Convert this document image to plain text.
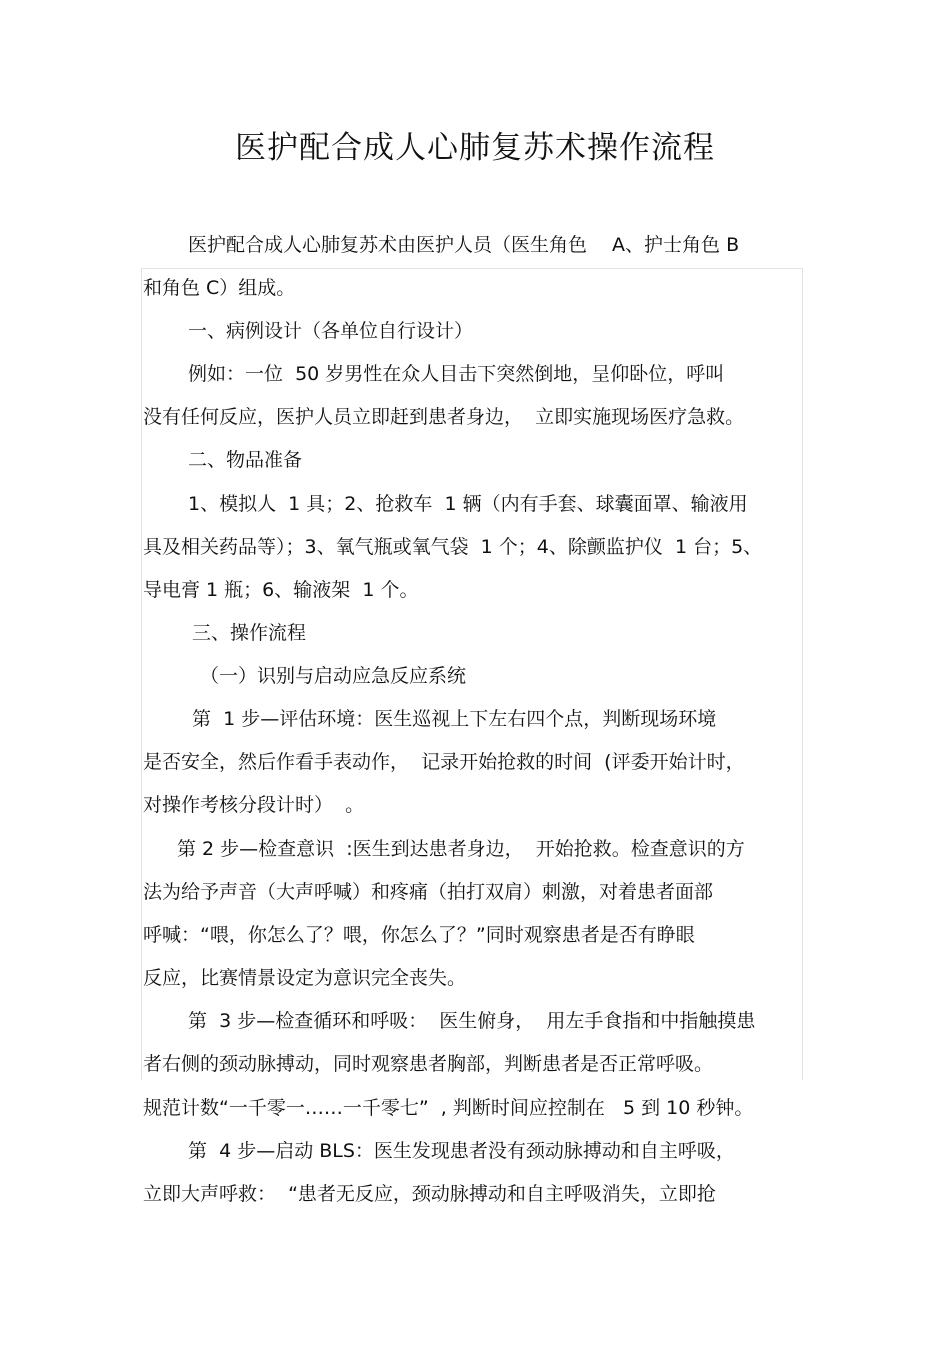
医护配合成人心肺复苏术操作流程
医护配合成人心肺复苏术由医护人员（医生角色　 A、护士角色 B
和角色 C）组成。
一、病例设计（各单位自行设计）
例如：一位  50 岁男性在众人目击下突然倒地，呈仰卧位，呼叫
没有任何反应，医护人员立即赶到患者身边，  立即实施现场医疗急救。
二、物品准备
1、模拟人  1 具；2、抢救车  1 辆（内有手套、球囊面罩、输液用
具及相关药品等）；3、氧气瓶或氧气袋  1 个；4、除颤监护仪  1 台；5、
导电膏 1 瓶；6、输液架  1 个。
三、操作流程
（一）识别与启动应急反应系统
第  1 步—评估环境：医生巡视上下左右四个点，判断现场环境
是否安全，然后作看手表动作，  记录开始抢救的时间  (评委开始计时，
对操作考核分段计时）  。
第 2 步—检查意识  :医生到达患者身边，  开始抢救。检查意识的方
法为给予声音（大声呼喊）和疼痛（拍打双肩）刺激，对着患者面部
呼喊：“喂，你怎么了？喂，你怎么了？”同时观察患者是否有睁眼
反应，比赛情景设定为意识完全丧失。
第  3 步—检查循环和呼吸：  医生俯身，  用左手食指和中指触摸患
者右侧的颈动脉搏动，同时观察患者胸部，判断患者是否正常呼吸。
规范计数“一千零一……一千零七”  , 判断时间应控制在   5 到 10 秒钟。
第  4 步—启动 BLS：医生发现患者没有颈动脉搏动和自主呼吸，
立即大声呼救：  “患者无反应，颈动脉搏动和自主呼吸消失，立即抢
